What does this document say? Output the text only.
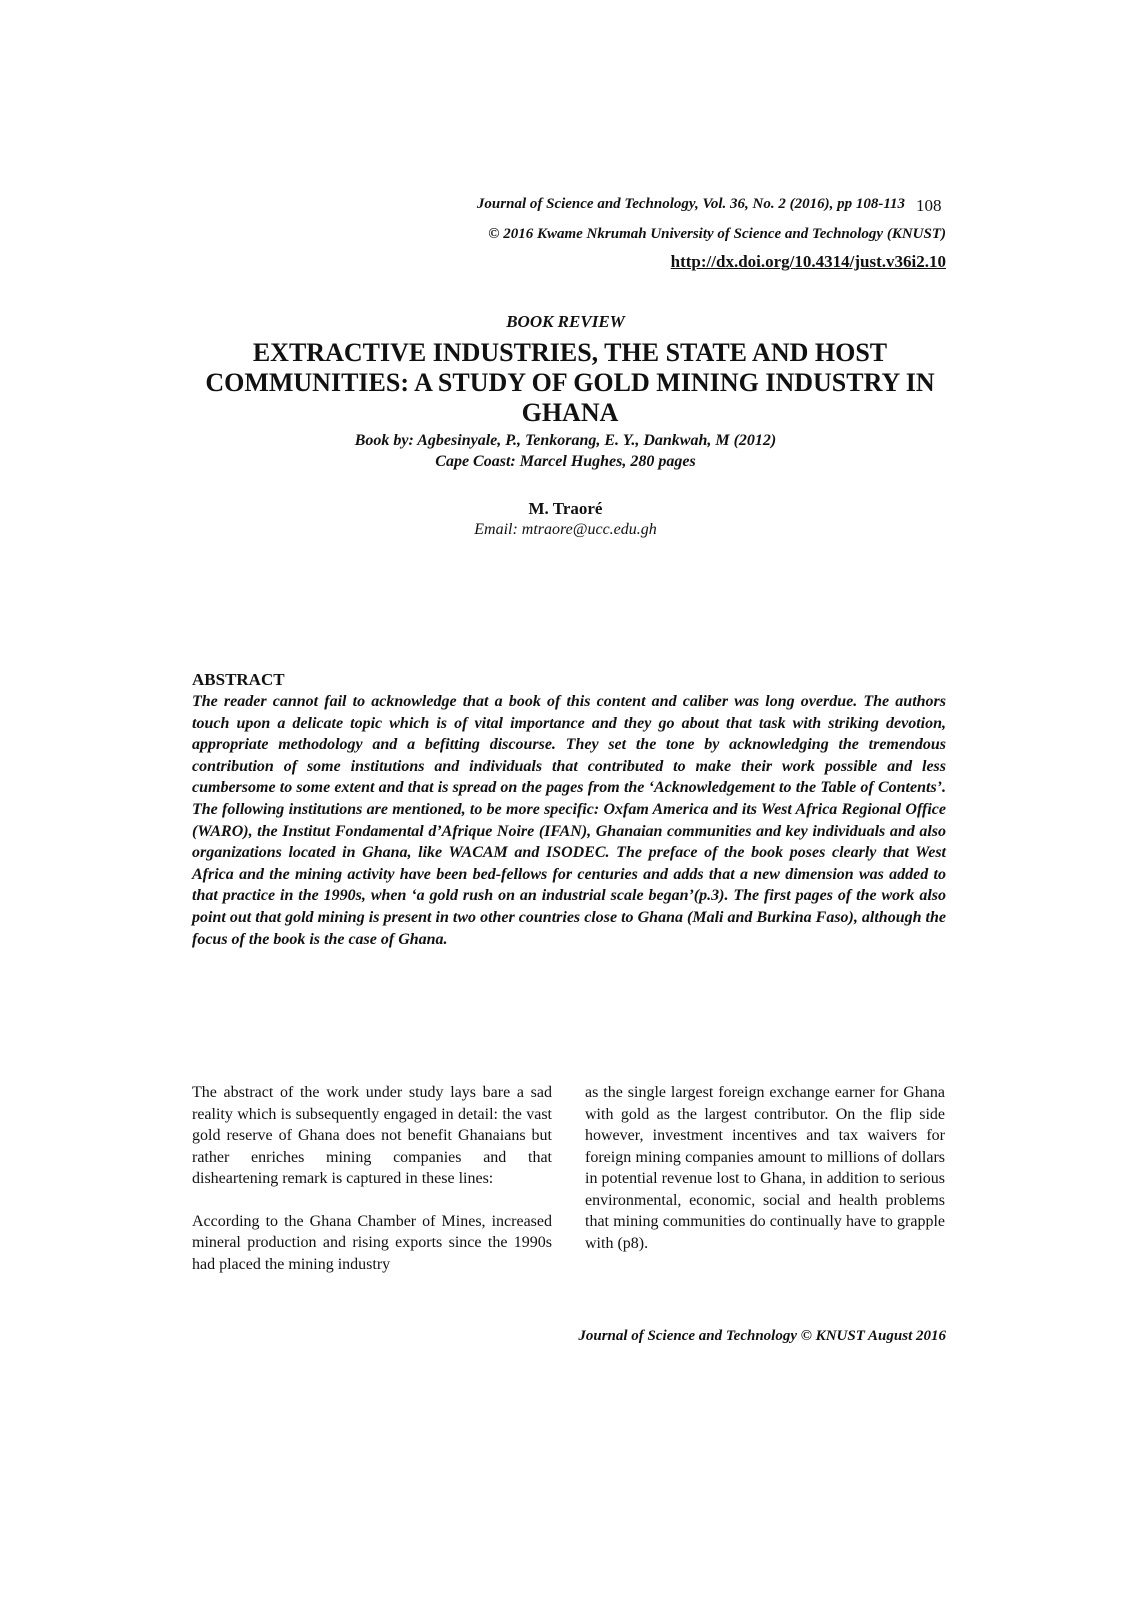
Journal of Science and Technology, Vol. 36, No. 2 (2016), pp 108-113 108
© 2016 Kwame Nkrumah University of Science and Technology (KNUST)
http://dx.doi.org/10.4314/just.v36i2.10
BOOK REVIEW
EXTRACTIVE INDUSTRIES, THE STATE AND HOST COMMUNITIES: A STUDY OF GOLD MINING INDUSTRY IN GHANA
Book by: Agbesinyale, P., Tenkorang, E. Y., Dankwah, M (2012)
Cape Coast: Marcel Hughes, 280 pages
M. Traoré
Email: mtraore@ucc.edu.gh
ABSTRACT

The reader cannot fail to acknowledge that a book of this content and caliber was long overdue. The authors touch upon a delicate topic which is of vital importance and they go about that task with striking devotion, appropriate methodology and a befitting discourse. They set the tone by acknowledging the tremendous contribution of some institutions and individuals that contributed to make their work possible and less cumbersome to some extent and that is spread on the pages from the ‘Acknowledgement to the Table of Contents’. The following institutions are mentioned, to be more specific: Oxfam America and its West Africa Regional Office (WARO), the Institut Fondamental d’Afrique Noire (IFAN), Ghanaian communities and key individuals and also organizations located in Ghana, like WACAM and ISODEC. The preface of the book poses clearly that West Africa and the mining activity have been bed-fellows for centuries and adds that a new dimension was added to that practice in the 1990s, when ‘a gold rush on an industrial scale began’(p.3). The first pages of the work also point out that gold mining is present in two other countries close to Ghana (Mali and Burkina Faso), although the focus of the book is the case of Ghana.

The abstract of the work under study lays bare a sad reality which is subsequently engaged in detail: the vast gold reserve of Ghana does not benefit Ghanaians but rather enriches mining companies and that disheartening remark is captured in these lines:

According to the Ghana Chamber of Mines, increased mineral production and rising exports since the 1990s had placed the mining industry

as the single largest foreign exchange earner for Ghana with gold as the largest contributor. On the flip side however, investment incentives and tax waivers for foreign mining companies amount to millions of dollars in potential revenue lost to Ghana, in addition to serious environmental, economic, social and health problems that mining communities do continually have to grapple with (p8).

Journal of Science and Technology © KNUST August 2016
